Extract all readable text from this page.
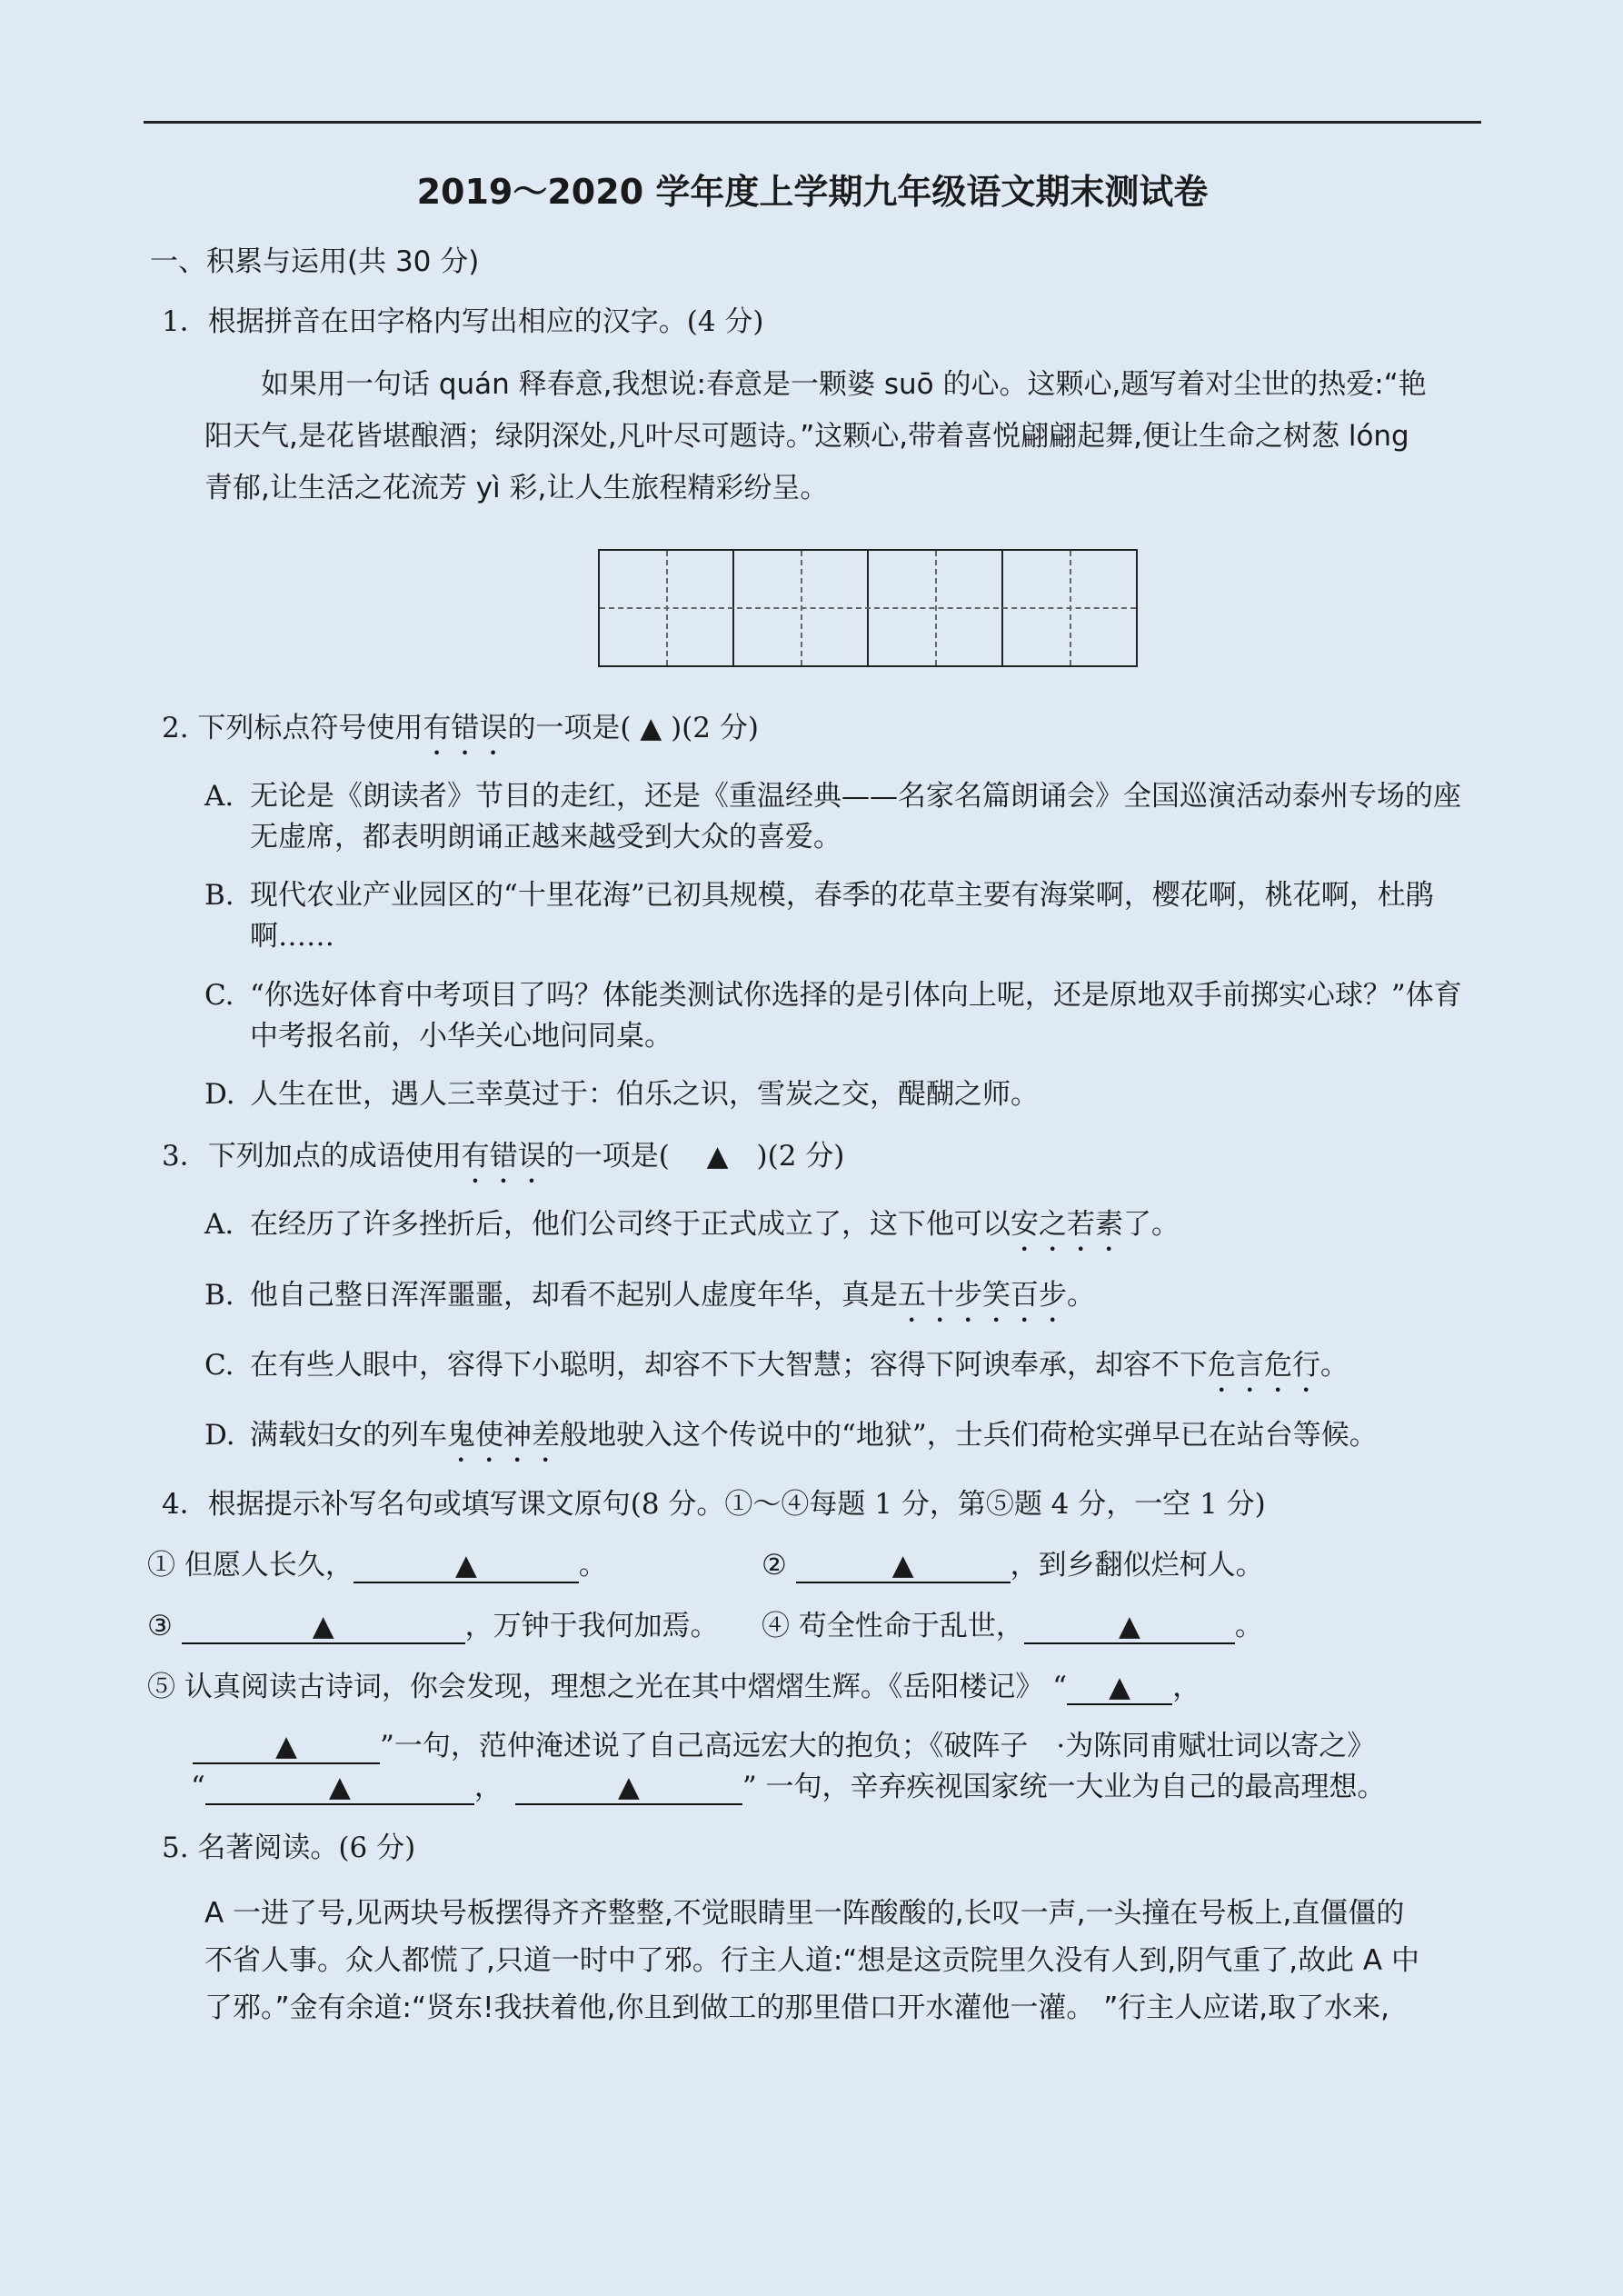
2019～2020 学年度上学期九年级语文期末测试卷
一、积累与运用(共 30 分)
1．根据拼音在田字格内写出相应的汉字。(4 分)
如果用一句话 quán 释春意,我想说:春意是一颗婆 suō 的心。这颗心,题写着对尘世的热爱:“艳
阳天气,是花皆堪酿酒；绿阴深处,凡叶尽可题诗。”这颗心,带着喜悦翩翩起舞,便让生命之树葱 lóng
青郁,让生活之花流芳 yì 彩,让人生旅程精彩纷呈。
2. 下列标点符号使用有错误的一项是( ▲ )(2 分)
A. 无论是《朗读者》节目的走红，还是《重温经典——名家名篇朗诵会》全国巡演活动泰州专场的座无虚席，都表明朗诵正越来越受到大众的喜爱。
B. 现代农业产业园区的“十里花海”已初具规模，春季的花草主要有海棠啊，樱花啊，桃花啊，杜鹃啊……
C. “你选好体育中考项目了吗？体能类测试你选择的是引体向上呢，还是原地双手前掷实心球？”体育中考报名前，小华关心地问同桌。
D. 人生在世，遇人三幸莫过于：伯乐之识，雪炭之交，醍醐之师。
3．下列加点的成语使用有错误的一项是(　 ▲　)(2 分)
A. 在经历了许多挫折后，他们公司终于正式成立了，这下他可以安之若素了。
B. 他自己整日浑浑噩噩，却看不起别人虚度年华，真是五十步笑百步。
C. 在有些人眼中，容得下小聪明，却容不下大智慧；容得下阿谀奉承，却容不下危言危行。
D. 满载妇女的列车鬼使神差般地驶入这个传说中的“地狱”，士兵们荷枪实弹早已在站台等候。
4．根据提示补写名句或填写课文原句(8 分。①～④每题 1 分，第⑤题 4 分，一空 1 分)
① 但愿人长久，	▲	。	②	▲	，到乡翻似烂柯人。
③	▲	，万钟于我何加焉。 ④ 苟全性命于乱世，	▲	。
⑤ 认真阅读古诗词，你会发现，理想之光在其中熠熠生辉。《岳阳楼记》 “ ▲ ，
▲	”一句，范仲淹述说了自己高远宏大的抱负；《破阵子　·为陈同甫赋壮词以寄之》
“	▲	，	▲	” 一句，辛弃疾视国家统一大业为自己的最高理想。
5. 名著阅读。(6 分)
A 一进了号,见两块号板摆得齐齐整整,不觉眼睛里一阵酸酸的,长叹一声,一头撞在号板上,直僵僵的
不省人事。众人都慌了,只道一时中了邪。行主人道:“想是这贡院里久没有人到,阴气重了,故此 A 中
了邪。”金有余道:“贤东!我扶着他,你且到做工的那里借口开水灌他一灌。 ”行主人应诺,取了水来,
